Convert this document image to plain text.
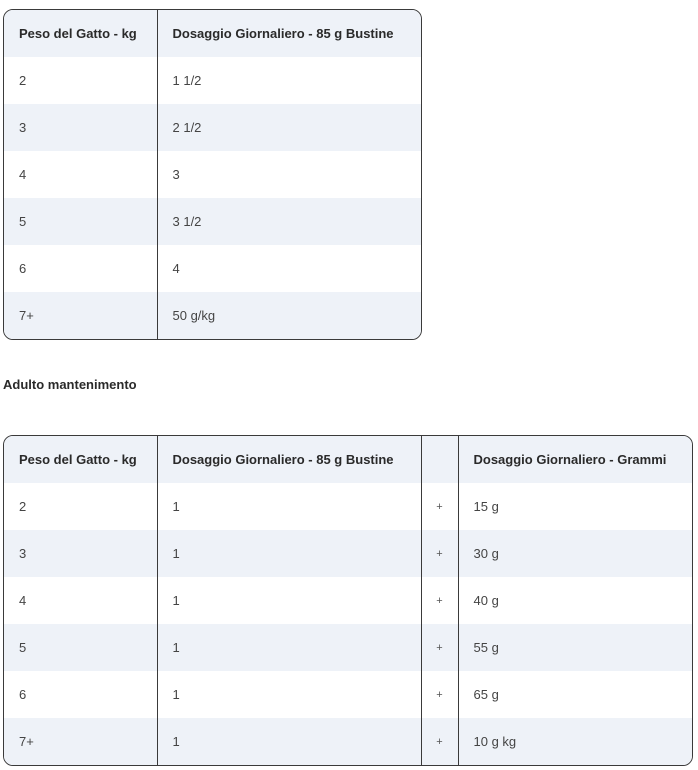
Peso del Gatto - kg	Dosaggio Giornaliero - 85 g Bustine
2	1 1/2
3	2 1/2
4	3
5	3 1/2
6	4
7+	50 g/kg
Adulto mantenimento
Peso del Gatto - kg	Dosaggio Giornaliero - 85 g Bustine		Dosaggio Giornaliero - Grammi
2	1	+	15 g
3	1	+	30 g
4	1	+	40 g
5	1	+	55 g
6	1	+	65 g
7+	1	+	10 g kg
